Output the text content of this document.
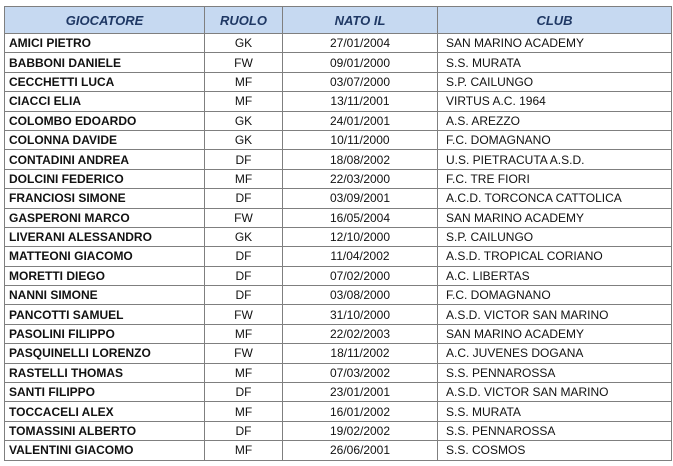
GIOCATORE	RUOLO	NATO IL	CLUB
AMICI PIETRO	GK	27/01/2004	SAN MARINO ACADEMY
BABBONI DANIELE	FW	09/01/2000	S.S. MURATA
CECCHETTI LUCA	MF	03/07/2000	S.P. CAILUNGO
CIACCI ELIA	MF	13/11/2001	VIRTUS A.C. 1964
COLOMBO EDOARDO	GK	24/01/2001	A.S. AREZZO
COLONNA DAVIDE	GK	10/11/2000	F.C. DOMAGNANO
CONTADINI ANDREA	DF	18/08/2002	U.S. PIETRACUTA A.S.D.
DOLCINI FEDERICO	MF	22/03/2000	F.C. TRE FIORI
FRANCIOSI SIMONE	DF	03/09/2001	A.C.D. TORCONCA CATTOLICA
GASPERONI MARCO	FW	16/05/2004	SAN MARINO ACADEMY
LIVERANI ALESSANDRO	GK	12/10/2000	S.P. CAILUNGO
MATTEONI GIACOMO	DF	11/04/2002	A.S.D. TROPICAL CORIANO
MORETTI DIEGO	DF	07/02/2000	A.C. LIBERTAS
NANNI SIMONE	DF	03/08/2000	F.C. DOMAGNANO
PANCOTTI SAMUEL	FW	31/10/2000	A.S.D. VICTOR SAN MARINO
PASOLINI FILIPPO	MF	22/02/2003	SAN MARINO ACADEMY
PASQUINELLI LORENZO	FW	18/11/2002	A.C. JUVENES DOGANA
RASTELLI THOMAS	MF	07/03/2002	S.S. PENNAROSSA
SANTI FILIPPO	DF	23/01/2001	A.S.D. VICTOR SAN MARINO
TOCCACELI ALEX	MF	16/01/2002	S.S. MURATA
TOMASSINI ALBERTO	DF	19/02/2002	S.S. PENNAROSSA
VALENTINI GIACOMO	MF	26/06/2001	S.S. COSMOS
